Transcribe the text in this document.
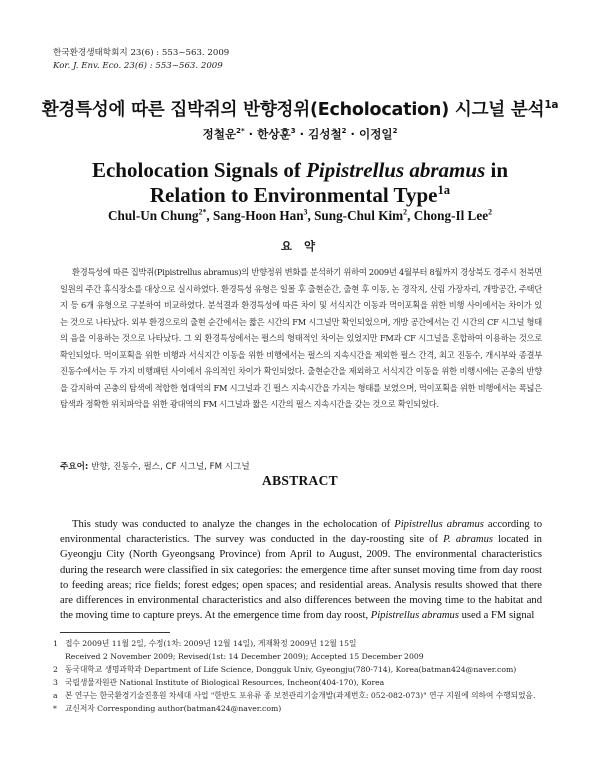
한국환경생태학회지 23(6) : 553~563. 2009
Kor. J. Env. Eco. 23(6) : 553~563. 2009
환경특성에 따른 집박쥐의 반향정위(Echolocation) 시그널 분석$^{1a}$
정철운$^{2*}$ · 한상훈$^3$ · 김성철$^2$ · 이정일$^2$
Echolocation Signals of Pipistrellus abramus in Relation to Environmental Type$^{1a}$
Chul-Un Chung$^{2*}$, Sang-Hoon Han$^3$, Sung-Chul Kim$^2$, Chong-Il Lee$^2$
요 약
환경특성에 따른 집박쥐(Pipistrellus abramus)의 반향정위 변화를 분석하기 위하여 2009년 4월부터 8월까지 경상북도 경주시 천북면 일원의 주간 휴식장소를 대상으로 실시하였다. 환경특성 유형은 일몰 후 출현순간, 출현 후 이동, 논 경작지, 산림 가장자리, 개방공간, 주택단지 등 6개 유형으로 구분하여 비교하였다. 분석결과 환경특성에 따른 차이 및 서식지간 이동과 먹이포획을 위한 비행 사이에서는 차이가 있는 것으로 나타났다. 외부 환경으로의 출현 순간에서는 짧은 시간의 FM 시그널만 확인되었으며, 개방 공간에서는 긴 시간의 CF 시그널 형태의 음을 이용하는 것으로 나타났다. 그 외 환경특성에서는 펄스의 형태적인 차이는 있었지만 FM과 CF 시그널을 혼합하여 이용하는 것으로 확인되었다. 먹이포획을 위한 비행과 서식지간 이동을 위한 비행에서는 펄스의 지속시간을 제외한 펄스 간격, 최고 진동수, 개시부와 종결부 진동수에서는 두 가지 비행패턴 사이에서 유의적인 차이가 확인되었다. 출현순간을 제외하고 서식지간 이동을 위한 비행시에는 곤충의 반향을 감지하여 곤충의 탐색에 적합한 협대역의 FM 시그널과 긴 펄스 지속시간을 가지는 형태를 보였으며, 먹이포획을 위한 비행에서는 폭넓은 탐색과 정확한 위치파악을 위한 광대역의 FM 시그널과 짧은 시간의 펄스 지속시간을 갖는 것으로 확인되었다.
주요어: 반향, 진동수, 펄스, CF 시그널, FM 시그널
ABSTRACT
This study was conducted to analyze the changes in the echolocation of Pipistrellus abramus according to environmental characteristics. The survey was conducted in the day-roosting site of P. abramus located in Gyeongju City (North Gyeongsang Province) from April to August, 2009. The environmental characteristics during the research were classified in six categories: the emergence time after sunset moving time from day roost to feeding areas; rice fields; forest edges; open spaces; and residential areas. Analysis results showed that there are differences in environmental characteristics and also differences between the moving time to the habitat and the moving time to capture preys. At the emergence time from day roost, Pipistrellus abramus used a FM signal
1 접수 2009년 11월 2일, 수정(1차: 2009년 12월 14일), 게재확정 2009년 12월 15일
Received 2 November 2009; Revised(1st: 14 December 2009); Accepted 15 December 2009
2 동국대학교 생명과학과 Department of Life Science, Dongguk Univ, Gyeongju(780-714), Korea(batman424@naver.com)
3 국립생물자원관 National Institute of Biological Resources, Incheon(404-170), Korea
a 본 연구는 한국환경기술진흥원 차세대 사업 "한반도 포유류 종 보전관리기술개발(과제번호: 052-082-073)" 연구 지원에 의하여 수행되었음.
*	교신저자 Corresponding author(batman424@naver.com)
